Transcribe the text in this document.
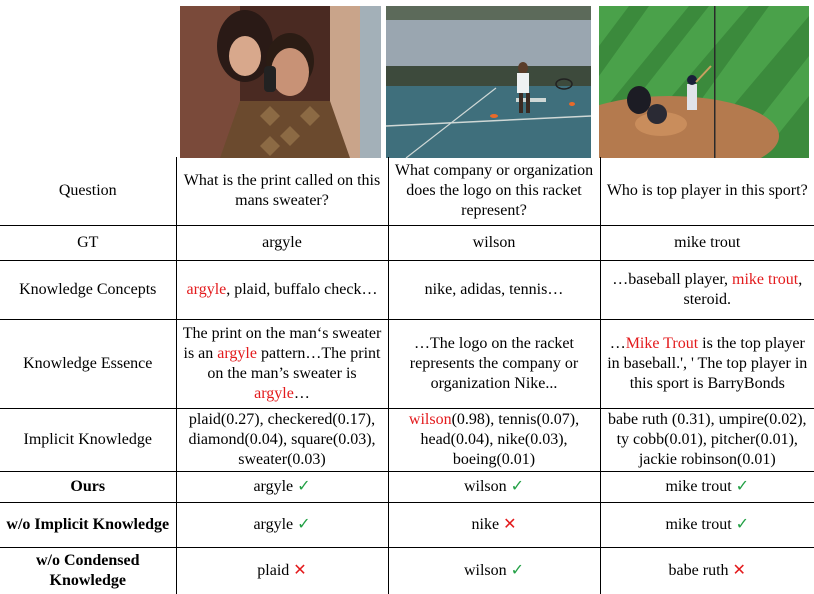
Question	What is the print called on this mans sweater?	What company or organization does the logo on this racket represent?	Who is top player in this sport?
GT	argyle	wilson	mike trout
Knowledge Concepts	argyle, plaid, buffalo check…	nike, adidas, tennis…	…baseball player, mike trout, steroid.
Knowledge Essence	The print on the man‘s sweater is an argyle pattern…The print on the man’s sweater is argyle…	…The logo on the racket represents the company or organization Nike...	…Mike Trout is the top player in baseball.', ' The top player in this sport is BarryBonds
Implicit Knowledge	plaid(0.27), checkered(0.17), diamond(0.04), square(0.03), sweater(0.03)	wilson(0.98), tennis(0.07), head(0.04), nike(0.03), boeing(0.01)	babe ruth (0.31), umpire(0.02), ty cobb(0.01), pitcher(0.01), jackie robinson(0.01)
Ours	argyle ✓	wilson ✓	mike trout ✓
w/o Implicit Knowledge	argyle ✓	nike ✕	mike trout ✓
w/o Condensed Knowledge	plaid ✕	wilson ✓	babe ruth ✕
